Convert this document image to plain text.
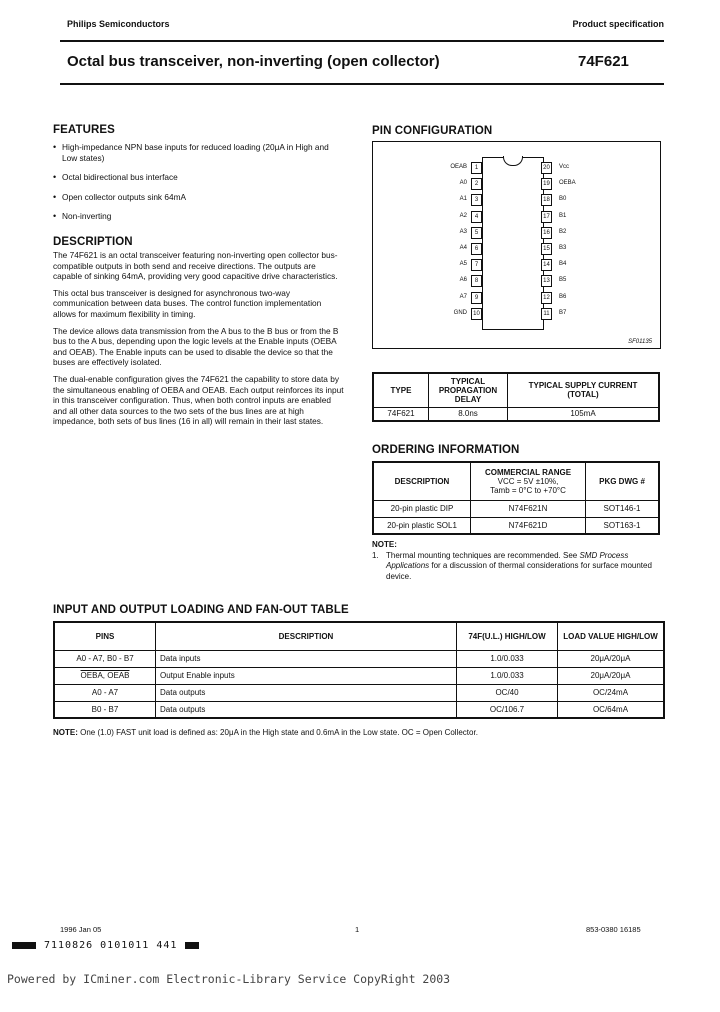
Philips Semiconductors	Product specification
Octal bus transceiver, non-inverting (open collector)	74F621
FEATURES
• High-impedance NPN base inputs for reduced loading (20μA in High and Low states)
• Octal bidirectional bus interface
• Open collector outputs sink 64mA
• Non-inverting
DESCRIPTION

The 74F621 is an octal transceiver featuring non-inverting open collector bus-compatible outputs in both send and receive directions. The outputs are capable of sinking 64mA, providing very good capacitive drive characteristics.

This octal bus transceiver is designed for asynchronous two-way communication between data buses. The control function implementation allows for maximum flexibility in timing.

The device allows data transmission from the A bus to the B bus or from the B bus to the A bus, depending upon the logic levels at the Enable inputs (OEBA and OEAB). The Enable inputs can be used to disable the device so that the buses are effectively isolated.

The dual-enable configuration gives the 74F621 the capability to store data by the simultaneous enabling of OEBA and OEAB. Each output reinforces its input in this transceiver configuration. Thus, when both control inputs are enabled and all other data sources to the two sets of the bus lines are at high impedance, both sets of bus lines (16 in all) will remain in their last states.

PIN CONFIGURATION
1
OEAB
2
A0
3
A1
4
A2
5
A3
6
A4
7
A5
8
A6
9
A7
10
GND
20	Vcc
19	OEBA
18	B0
17	B1
16	B2
15	B3
14	B4
13	B5
12	B6
11	B7
SF01135
TYPE	TYPICAL PROPAGATION DELAY	TYPICAL SUPPLY CURRENT (TOTAL)
74F621	8.0ns	105mA
ORDERING INFORMATION
DESCRIPTION	COMMERCIAL RANGE
VCC = 5V ±10%,
Tamb = 0°C to +70°C	PKG DWG #
20-pin plastic DIP	N74F621N	SOT146-1
20-pin plastic SOL1	N74F621D	SOT163-1
NOTE:
1. Thermal mounting techniques are recommended. See SMD Process Applications for a discussion of thermal considerations for surface mounted device.
INPUT AND OUTPUT LOADING AND FAN-OUT TABLE
PINS	DESCRIPTION	74F(U.L.) HIGH/LOW	LOAD VALUE HIGH/LOW
A0 - A7, B0 - B7	Data inputs	1.0/0.033	20μA/20μA
OEBA, OEAB	Output Enable inputs	1.0/0.033	20μA/20μA
A0 - A7	Data outputs	OC/40	OC/24mA
B0 - B7	Data outputs	OC/106.7	OC/64mA
NOTE: One (1.0) FAST unit load is defined as: 20μA in the High state and 0.6mA in the Low state. OC = Open Collector.
1996 Jan 05	1	853-0380 16185
7110826 0101011 441
Powered by ICminer.com Electronic-Library Service CopyRight 2003
